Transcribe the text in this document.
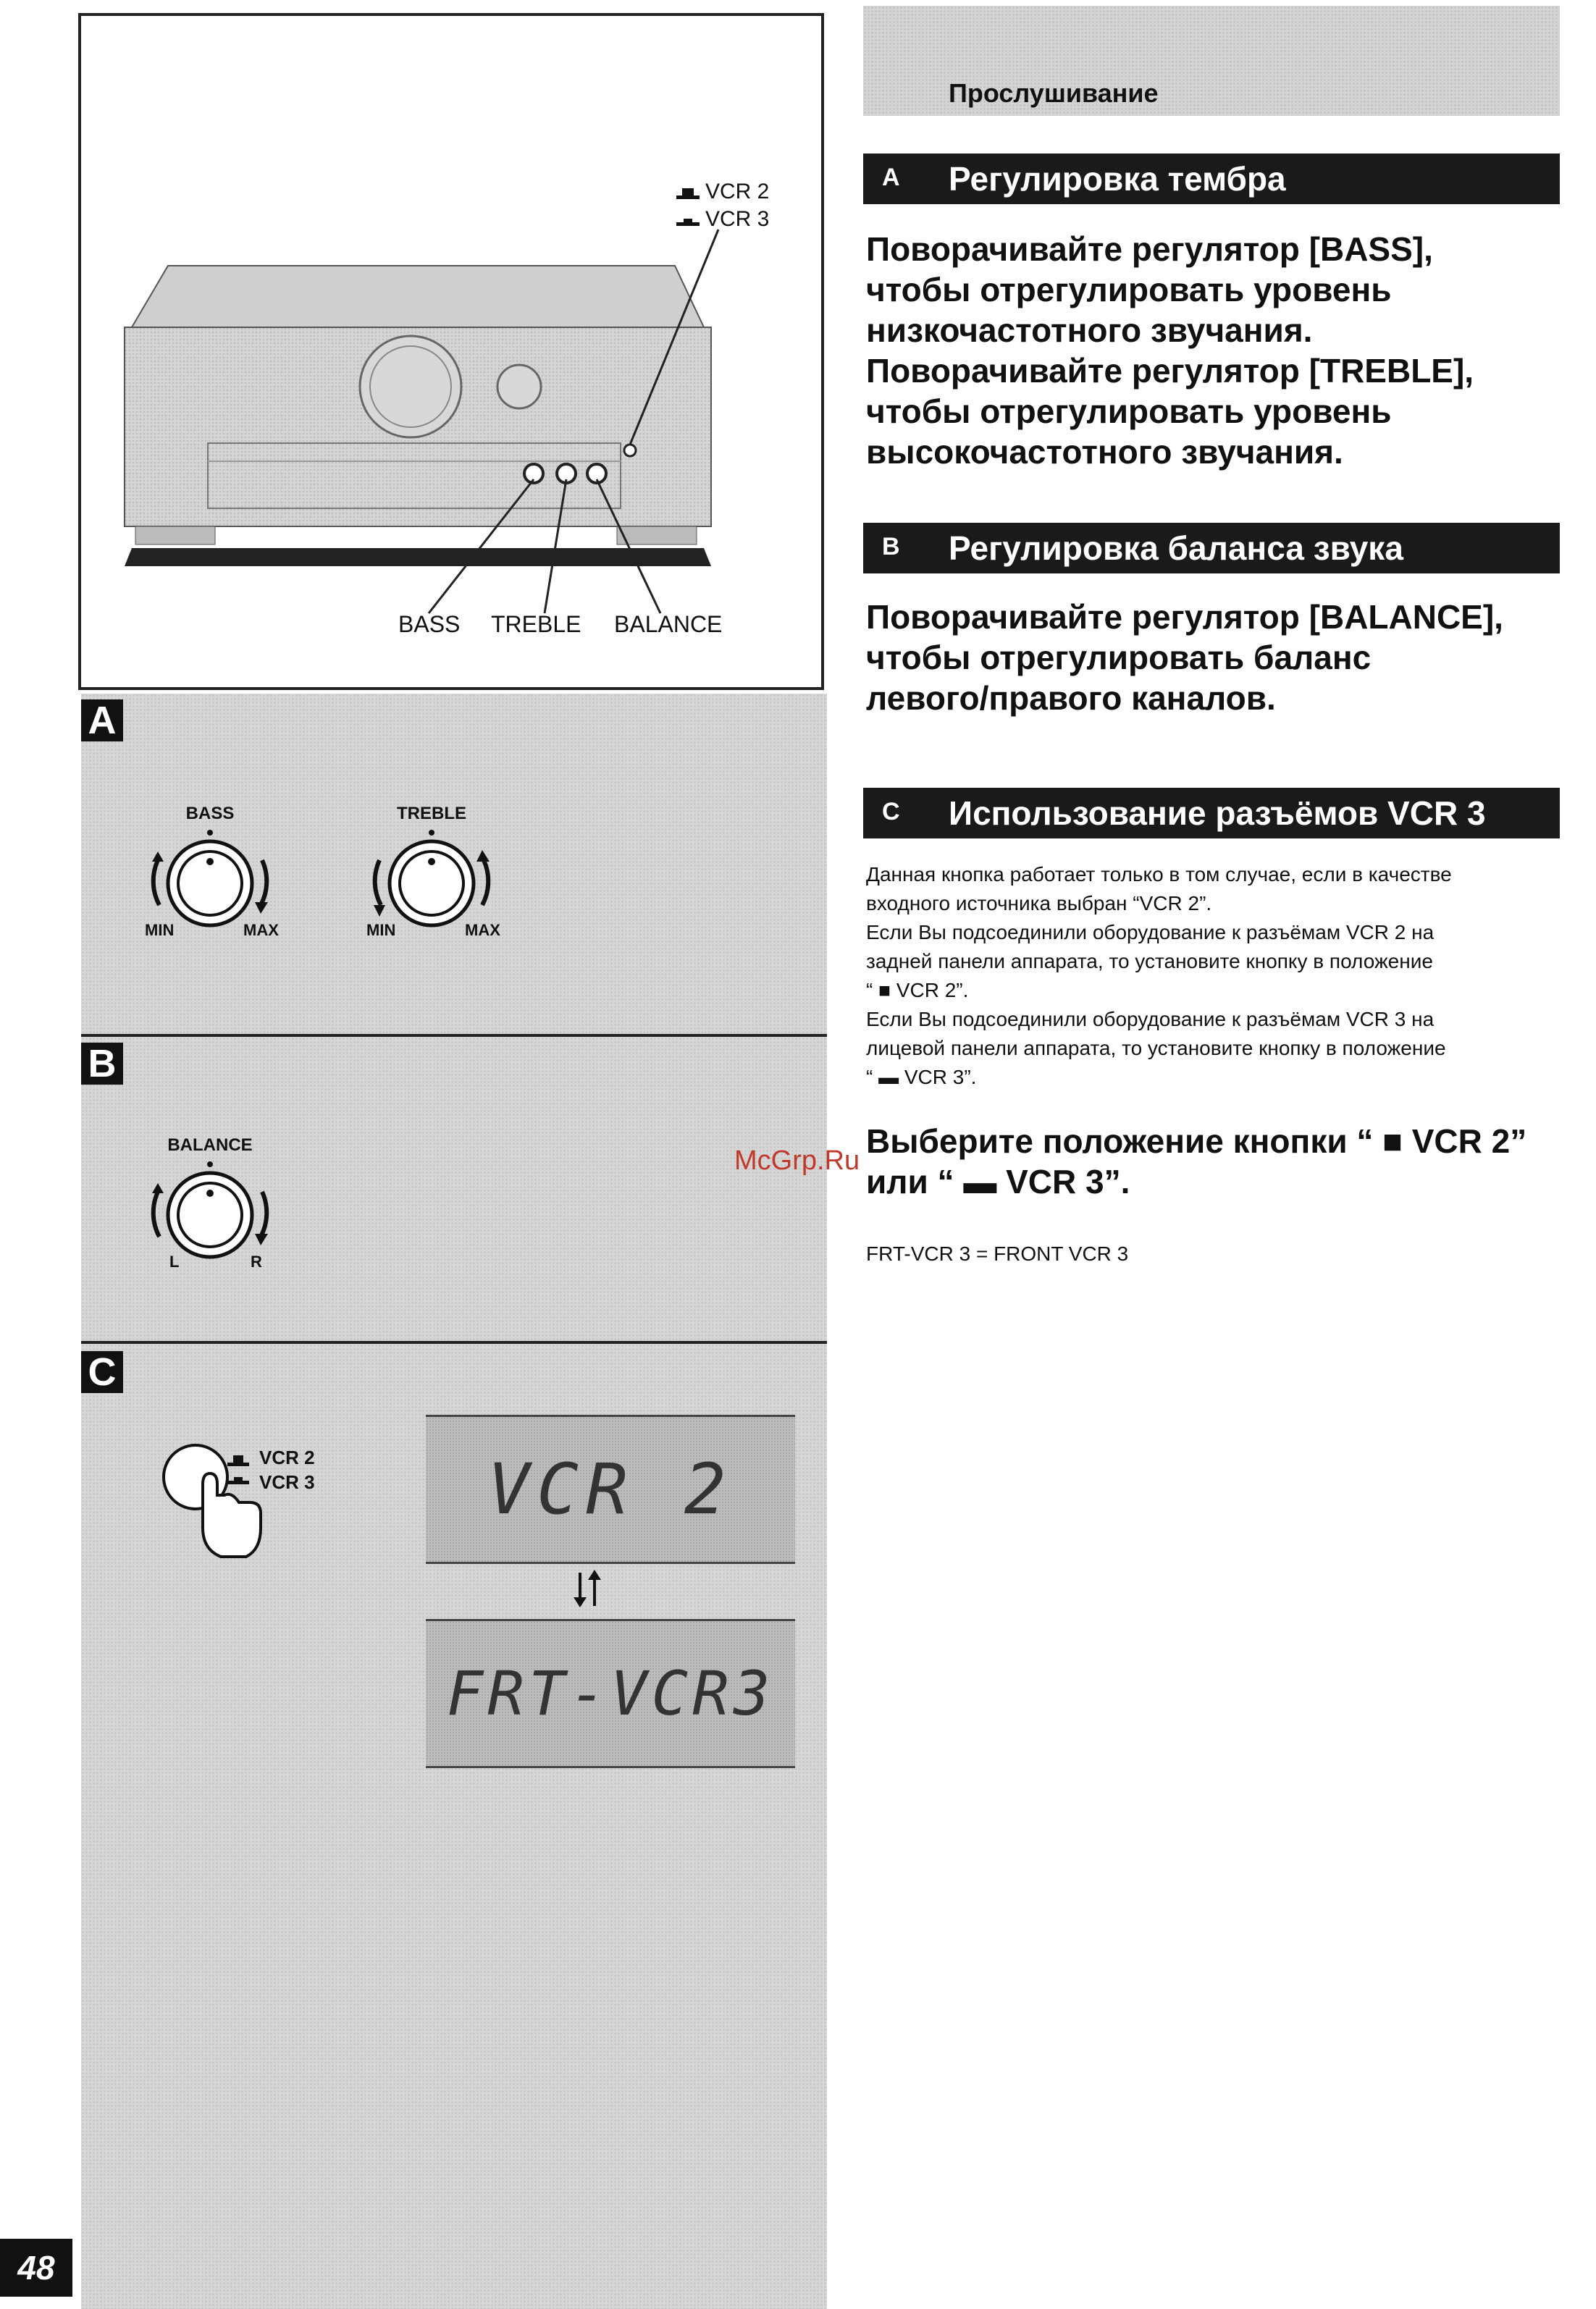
VCR 2
VCR 3
BASS TREBLE BALANCE
A
BASS	TREBLE
MIN	MAX	MIN	MAX
B
BALANCE
L	R
C
VCR 2
VCR 3	VCR 2
FRT-VCR3
48
Прослушивание
A Регулировка тембра
Поворачивайте регулятор [BASS],
чтобы отрегулировать уровень
низкочастотного звучания.
Поворачивайте регулятор [TREBLE],
чтобы отрегулировать уровень
высокочастотного звучания.
B Регулировка баланса звука
Поворачивайте регулятор [BALANCE],
чтобы отрегулировать баланс
левого/правого каналов.
C Использование разъёмов VCR 3
Данная кнопка работает только в том случае, если в качестве
входного источника выбран “VCR 2”.
Если Вы подсоединили оборудование к разъёмам VCR 2 на
задней панели аппарата, то установите кнопку в положение
“ ■ VCR 2”.
Если Вы подсоединили оборудование к разъёмам VCR 3 на
лицевой панели аппарата, то установите кнопку в положение
“ ▬ VCR 3”.
Выберите положение кнопки “ ■ VCR 2”
или “ ▬ VCR 3”.
FRT-VCR 3 = FRONT VCR 3
McGrp.Ru
